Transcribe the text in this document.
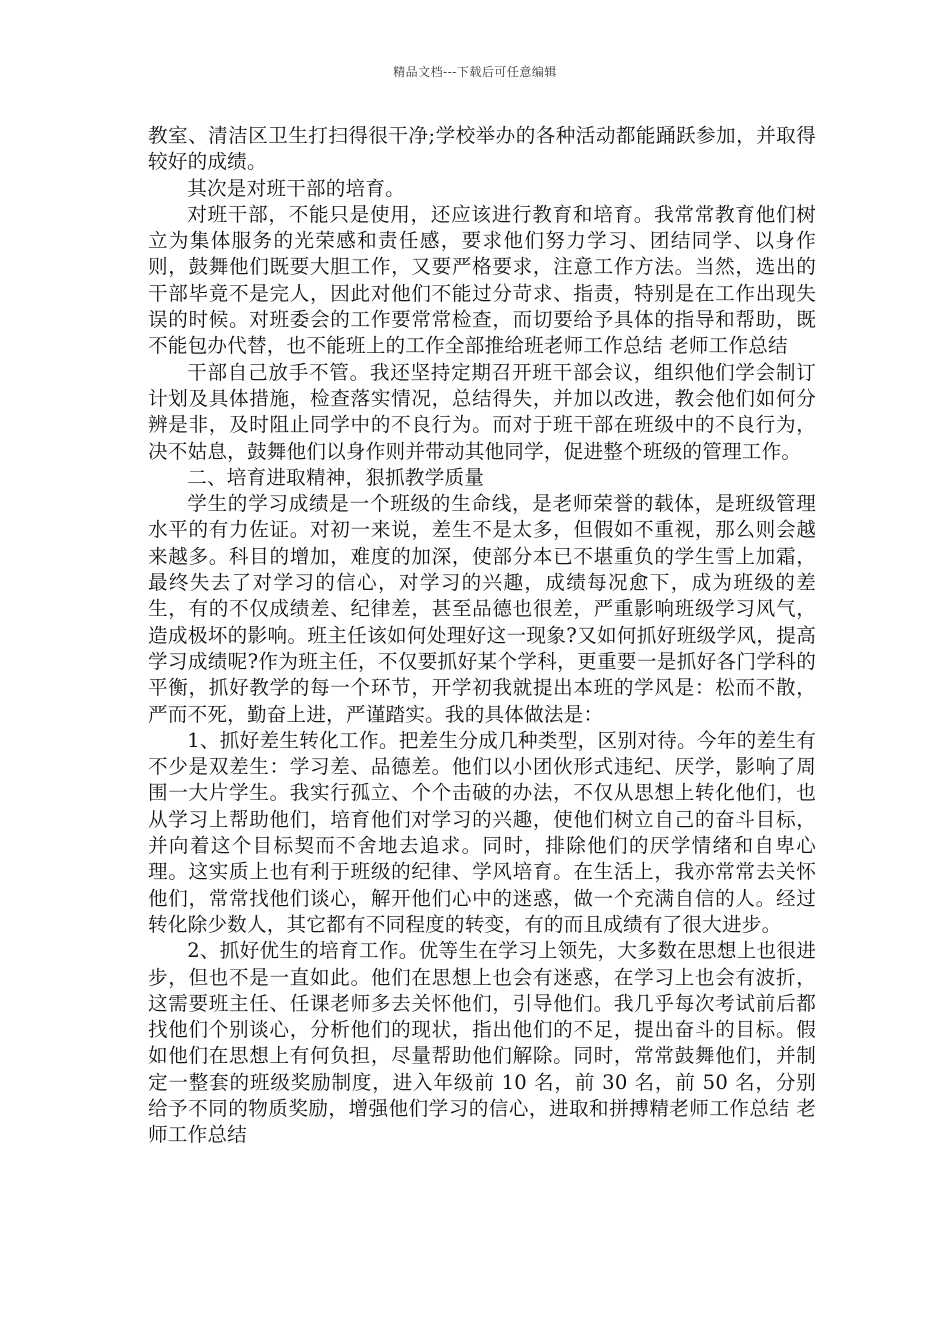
精品文档---下载后可任意编辑

教室、清洁区卫生打扫得很干净;学校举办的各种活动都能踊跃参加，并取得较好的成绩。

其次是对班干部的培育。

对班干部，不能只是使用，还应该进行教育和培育。我常常教育他们树立为集体服务的光荣感和责任感，要求他们努力学习、团结同学、以身作则，鼓舞他们既要大胆工作，又要严格要求，注意工作方法。当然，选出的干部毕竟不是完人，因此对他们不能过分苛求、指责，特别是在工作出现失误的时候。对班委会的工作要常常检查，而切要给予具体的指导和帮助，既不能包办代替，也不能班上的工作全部推给班老师工作总结 老师工作总结

干部自己放手不管。我还坚持定期召开班干部会议，组织他们学会制订计划及具体措施，检查落实情况，总结得失，并加以改进，教会他们如何分辨是非，及时阻止同学中的不良行为。而对于班干部在班级中的不良行为，决不姑息，鼓舞他们以身作则并带动其他同学，促进整个班级的管理工作。

二、培育进取精神，狠抓教学质量

学生的学习成绩是一个班级的生命线，是老师荣誉的载体，是班级管理水平的有力佐证。对初一来说，差生不是太多，但假如不重视，那么则会越来越多。科目的增加，难度的加深，使部分本已不堪重负的学生雪上加霜，最终失去了对学习的信心，对学习的兴趣，成绩每况愈下，成为班级的差生，有的不仅成绩差、纪律差，甚至品德也很差，严重影响班级学习风气，造成极坏的影响。班主任该如何处理好这一现象?又如何抓好班级学风，提高学习成绩呢?作为班主任，不仅要抓好某个学科，更重要一是抓好各门学科的平衡，抓好教学的每一个环节，开学初我就提出本班的学风是：松而不散，严而不死，勤奋上进，严谨踏实。我的具体做法是：

1、抓好差生转化工作。把差生分成几种类型，区别对待。今年的差生有不少是双差生：学习差、品德差。他们以小团伙形式违纪、厌学，影响了周围一大片学生。我实行孤立、个个击破的办法，不仅从思想上转化他们，也从学习上帮助他们，培育他们对学习的兴趣，使他们树立自己的奋斗目标，并向着这个目标契而不舍地去追求。同时，排除他们的厌学情绪和自卑心理。这实质上也有利于班级的纪律、学风培育。在生活上，我亦常常去关怀他们，常常找他们谈心，解开他们心中的迷惑，做一个充满自信的人。经过转化除少数人，其它都有不同程度的转变，有的而且成绩有了很大进步。

2、抓好优生的培育工作。优等生在学习上领先，大多数在思想上也很进步，但也不是一直如此。他们在思想上也会有迷惑，在学习上也会有波折，这需要班主任、任课老师多去关怀他们，引导他们。我几乎每次考试前后都找他们个别谈心，分析他们的现状，指出他们的不足，提出奋斗的目标。假如他们在思想上有何负担，尽量帮助他们解除。同时，常常鼓舞他们，并制定一整套的班级奖励制度，进入年级前 10 名，前 30 名，前 50 名，分别给予不同的物质奖励，增强他们学习的信心，进取和拼搏精老师工作总结 老师工作总结
